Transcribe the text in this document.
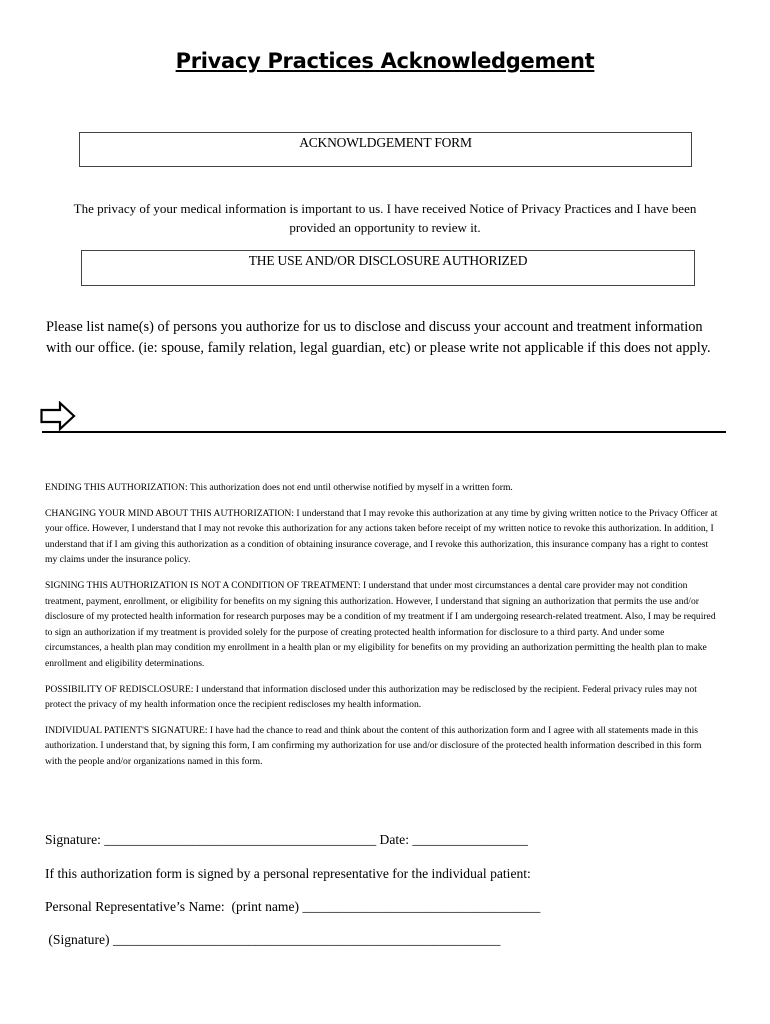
Privacy Practices Acknowledgement
ACKNOWLDGEMENT FORM
The privacy of your medical information is important to us. I have received Notice of Privacy Practices and I have been
provided an opportunity to review it.
THE USE AND/OR DISCLOSURE AUTHORIZED
Please list name(s) of persons you authorize for us to disclose and discuss your account and treatment information
with our office. (ie: spouse, family relation, legal guardian, etc) or please write not applicable if this does not apply.

ENDING THIS AUTHORIZATION: This authorization does not end until otherwise notified by myself in a written form.

CHANGING YOUR MIND ABOUT THIS AUTHORIZATION: I understand that I may revoke this authorization at any time by giving written notice to the Privacy Officer at your office. However, I understand that I may not revoke this authorization for any actions taken before receipt of my written notice to revoke this authorization. In addition, I understand that if I am giving this authorization as a condition of obtaining insurance coverage, and I revoke this authorization, this insurance company has a right to contest my claims under the insurance policy.

SIGNING THIS AUTHORIZATION IS NOT A CONDITION OF TREATMENT: I understand that under most circumstances a dental care provider may not condition treatment, payment, enrollment, or eligibility for benefits on my signing this authorization. However, I understand that signing an authorization that permits the use and/or disclosure of my protected health information for research purposes may be a condition of my treatment if I am undergoing research-related treatment. Also, I may be required to sign an authorization if my treatment is provided solely for the purpose of creating protected health information for disclosure to a third party. And under some circumstances, a health plan may condition my enrollment in a health plan or my eligibility for benefits on my providing an authorization permitting the health plan to make enrollment and eligibility determinations.

POSSIBILITY OF REDISCLOSURE: I understand that information disclosed under this authorization may be redisclosed by the recipient. Federal privacy rules may not protect the privacy of my health information once the recipient rediscloses my health information.

INDIVIDUAL PATIENT'S SIGNATURE: I have had the chance to read and think about the content of this authorization form and I agree with all statements made in this authorization. I understand that, by signing this form, I am confirming my authorization for use and/or disclosure of the protected health information described in this form with the people and/or organizations named in this form.

Signature: ________________________________________ Date: _________________
If this authorization form is signed by a personal representative for the individual patient:
Personal Representative’s Name:  (print name) ___________________________________
(Signature) _________________________________________________________
